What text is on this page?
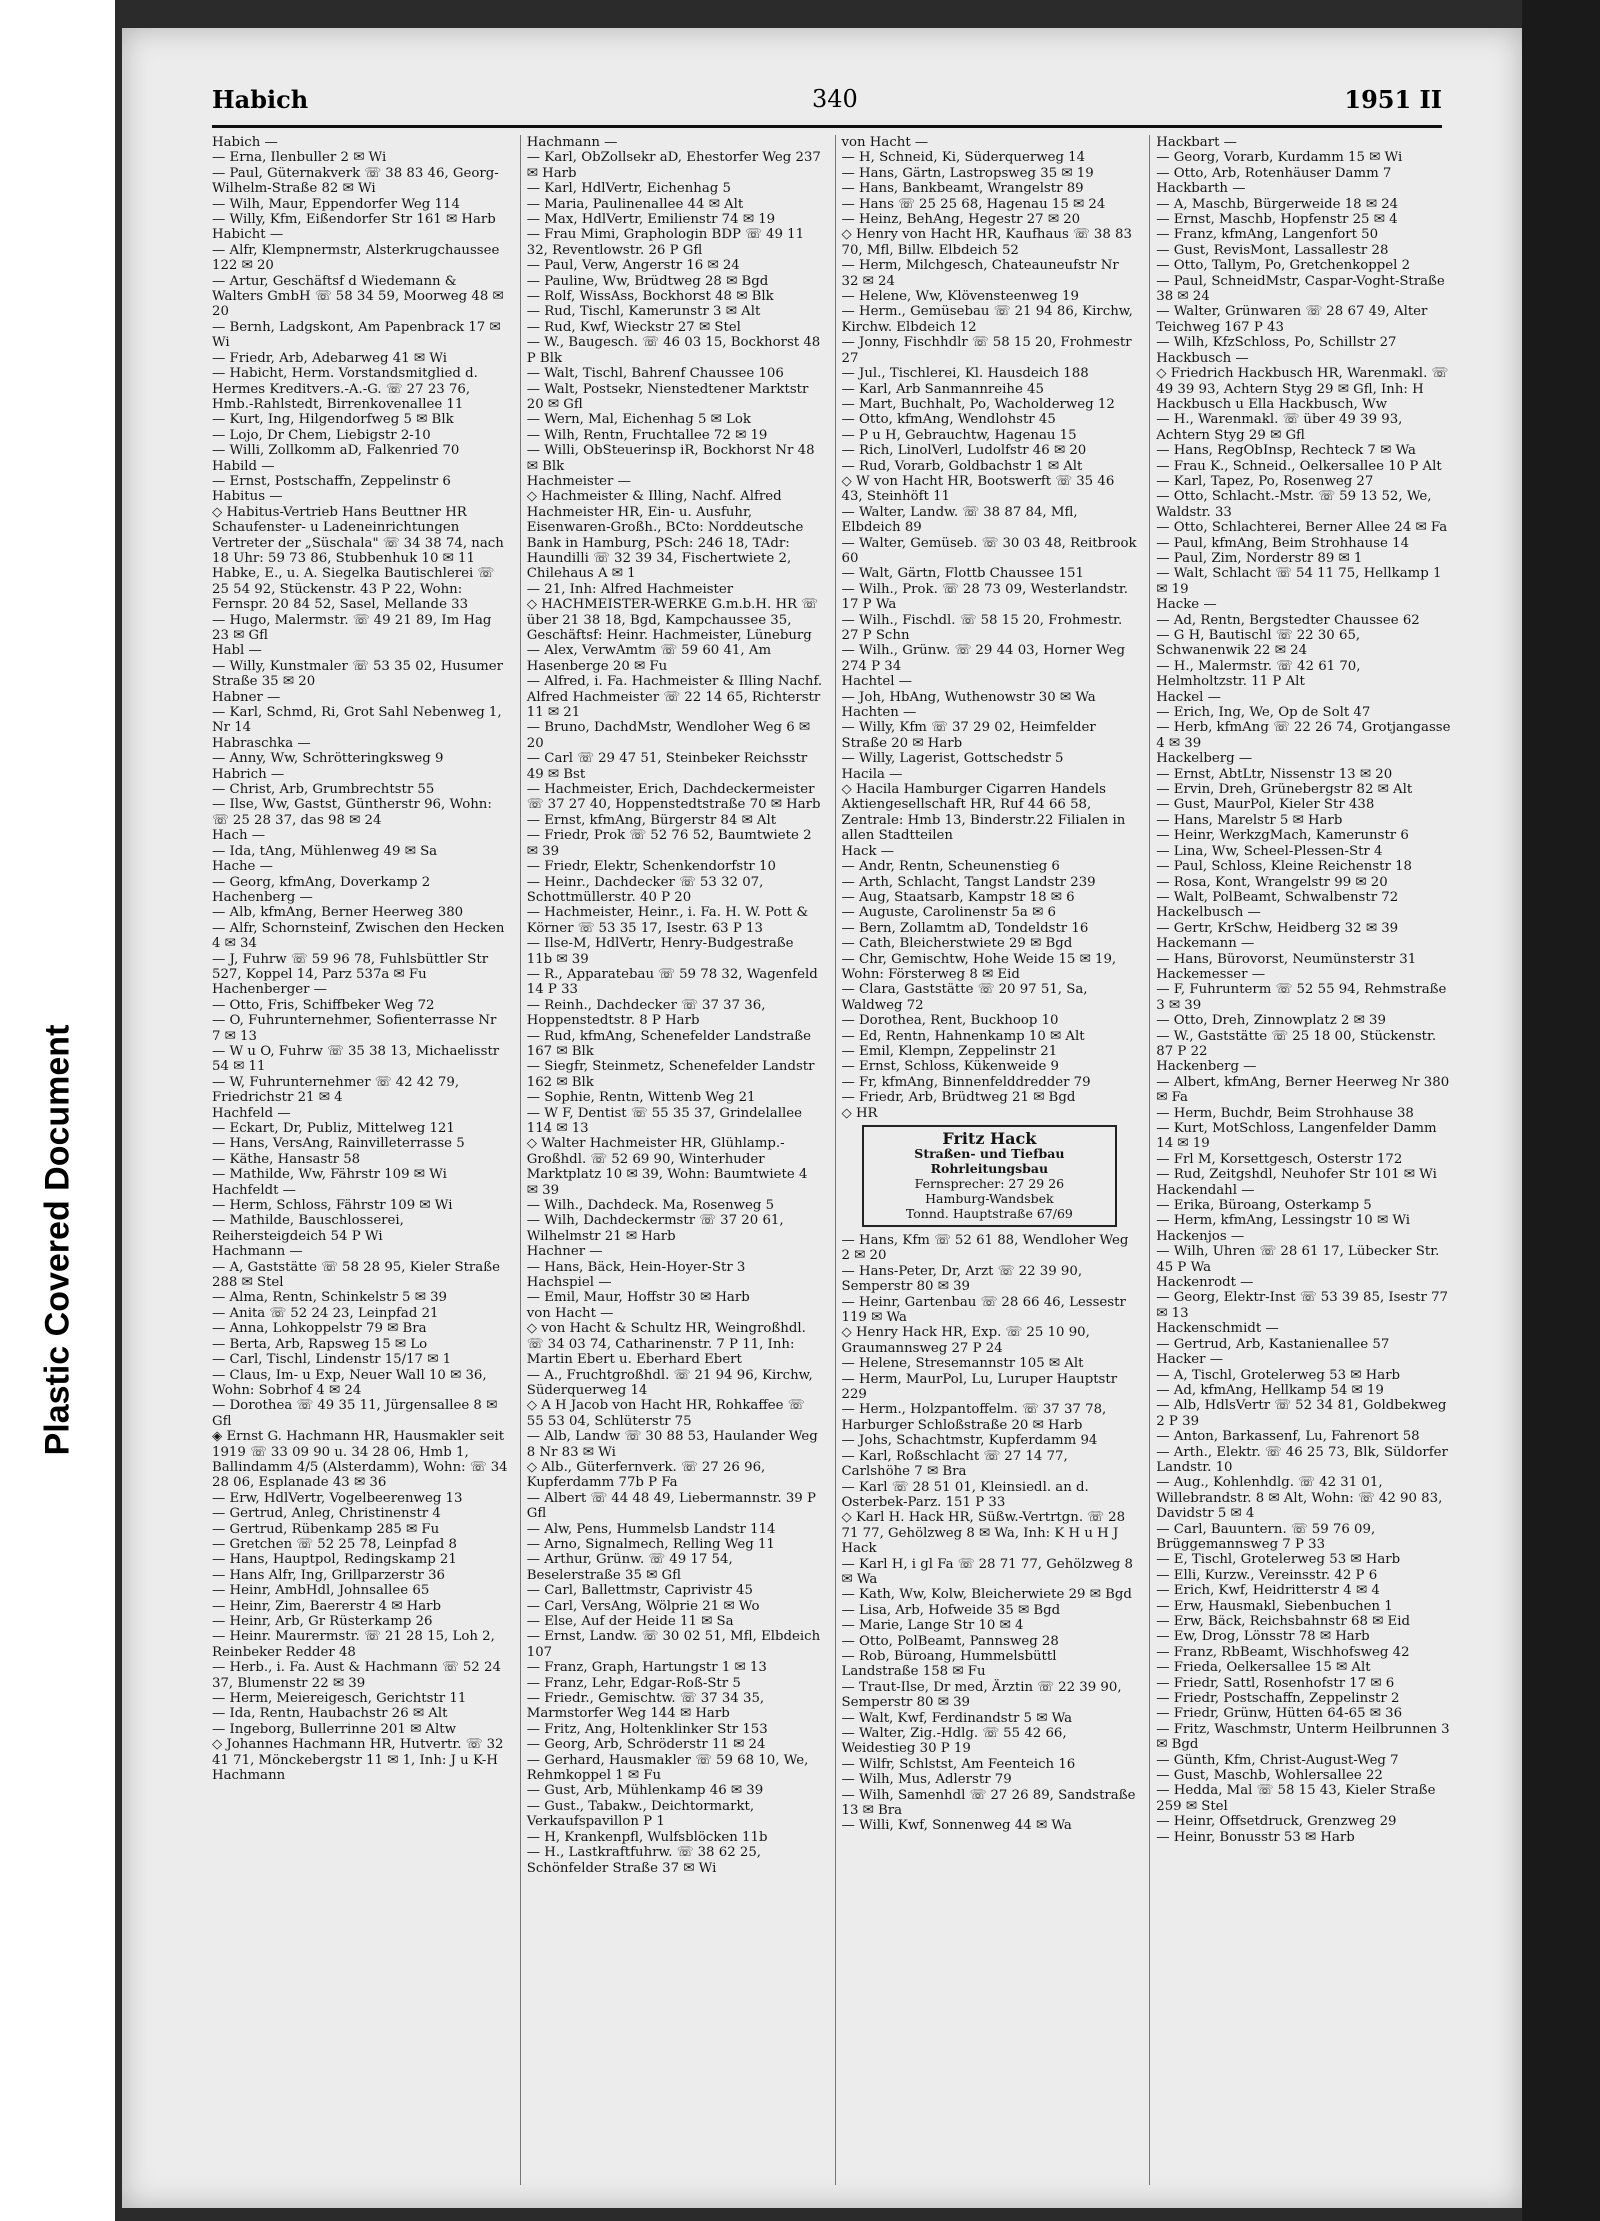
Plastic Covered Document
Habich	340	1951 II

Habich —

— Erna, Ilenbuller 2 ✉ Wi

— Paul, Güternakverk ☏ 38 83 46, Georg-Wilhelm-Straße 82 ✉ Wi

— Wilh, Maur, Eppendorfer Weg 114

— Willy, Kfm, Eißendorfer Str 161 ✉ Harb

Habicht —

— Alfr, Klempnermstr, Alsterkrugchaussee 122 ✉ 20

— Artur, Geschäftsf d Wiedemann & Walters GmbH ☏ 58 34 59, Moorweg 48 ✉ 20

— Bernh, Ladgskont, Am Papenbrack 17 ✉ Wi

— Friedr, Arb, Adebarweg 41 ✉ Wi

— Habicht, Herm. Vorstandsmitglied d. Hermes Kreditvers.-A.-G. ☏ 27 23 76, Hmb.-Rahlstedt, Birrenkovenallee 11

— Kurt, Ing, Hilgendorfweg 5 ✉ Blk

— Lojo, Dr Chem, Liebigstr 2-10

— Willi, Zollkomm aD, Falkenried 70

Habild —

— Ernst, Postschaffn, Zeppelinstr 6

Habitus —

◇ Habitus-Vertrieb Hans Beuttner HR Schaufenster- u Ladeneinrichtungen Vertreter der „Süschala" ☏ 34 38 74, nach 18 Uhr: 59 73 86, Stubbenhuk 10 ✉ 11

Habke, E., u. A. Siegelka Bautischlerei ☏ 25 54 92, Stückenstr. 43 P 22, Wohn: Fernspr. 20 84 52, Sasel, Mellande 33

— Hugo, Malermstr. ☏ 49 21 89, Im Hag 23 ✉ Gfl

Habl —

— Willy, Kunstmaler ☏ 53 35 02, Husumer Straße 35 ✉ 20

Habner —

— Karl, Schmd, Ri, Grot Sahl Nebenweg 1, Nr 14

Habraschka —

— Anny, Ww, Schrötteringksweg 9

Habrich —

— Christ, Arb, Grumbrechtstr 55

— Ilse, Ww, Gastst, Güntherstr 96, Wohn: ☏ 25 28 37, das 98 ✉ 24

Hach —

— Ida, tAng, Mühlenweg 49 ✉ Sa

Hache —

— Georg, kfmAng, Doverkamp 2

Hachenberg —

— Alb, kfmAng, Berner Heerweg 380

— Alfr, Schornsteinf, Zwischen den Hecken 4 ✉ 34

— J, Fuhrw ☏ 59 96 78, Fuhlsbüttler Str 527, Koppel 14, Parz 537a ✉ Fu

Hachenberger —

— Otto, Fris, Schiffbeker Weg 72

— O, Fuhrunternehmer, Sofienterrasse Nr 7 ✉ 13

— W u O, Fuhrw ☏ 35 38 13, Michaelisstr 54 ✉ 11

— W, Fuhrunternehmer ☏ 42 42 79, Friedrichstr 21 ✉ 4

Hachfeld —

— Eckart, Dr, Publiz, Mittelweg 121

— Hans, VersAng, Rainvilleterrasse 5

— Käthe, Hansastr 58

— Mathilde, Ww, Fährstr 109 ✉ Wi

Hachfeldt —

— Herm, Schloss, Fährstr 109 ✉ Wi

— Mathilde, Bauschlosserei, Reihersteigdeich 54 P Wi

Hachmann —

— A, Gaststätte ☏ 58 28 95, Kieler Straße 288 ✉ Stel

— Alma, Rentn, Schinkelstr 5 ✉ 39

— Anita ☏ 52 24 23, Leinpfad 21

— Anna, Lohkoppelstr 79 ✉ Bra

— Berta, Arb, Rapsweg 15 ✉ Lo

— Carl, Tischl, Lindenstr 15/17 ✉ 1

— Claus, Im- u Exp, Neuer Wall 10 ✉ 36, Wohn: Sobrhof 4 ✉ 24

— Dorothea ☏ 49 35 11, Jürgensallee 8 ✉ Gfl

◈ Ernst G. Hachmann HR, Hausmakler seit 1919 ☏ 33 09 90 u. 34 28 06, Hmb 1, Ballindamm 4/5 (Alsterdamm), Wohn: ☏ 34 28 06, Esplanade 43 ✉ 36

— Erw, HdlVertr, Vogelbeerenweg 13

— Gertrud, Anleg, Christinenstr 4

— Gertrud, Rübenkamp 285 ✉ Fu

— Gretchen ☏ 52 25 78, Leinpfad 8

— Hans, Hauptpol, Redingskamp 21

— Hans Alfr, Ing, Grillparzerstr 36

— Heinr, AmbHdl, Johnsallee 65

— Heinr, Zim, Baererstr 4 ✉ Harb

— Heinr, Arb, Gr Rüsterkamp 26

— Heinr. Maurermstr. ☏ 21 28 15, Loh 2, Reinbeker Redder 48

— Herb., i. Fa. Aust & Hachmann ☏ 52 24 37, Blumenstr 22 ✉ 39

— Herm, Meiereigesch, Gerichtstr 11

— Ida, Rentn, Haubachstr 26 ✉ Alt

— Ingeborg, Bullerrinne 201 ✉ Altw

◇ Johannes Hachmann HR, Hutvertr. ☏ 32 41 71, Mönckebergstr 11 ✉ 1, Inh: J u K-H Hachmann

Hachmann —

— Karl, ObZollsekr aD, Ehestorfer Weg 237 ✉ Harb

— Karl, HdlVertr, Eichenhag 5

— Maria, Paulinenallee 44 ✉ Alt

— Max, HdlVertr, Emilienstr 74 ✉ 19

— Frau Mimi, Graphologin BDP ☏ 49 11 32, Reventlowstr. 26 P Gfl

— Paul, Verw, Angerstr 16 ✉ 24

— Pauline, Ww, Brüdtweg 28 ✉ Bgd

— Rolf, WissAss, Bockhorst 48 ✉ Blk

— Rud, Tischl, Kamerunstr 3 ✉ Alt

— Rud, Kwf, Wieckstr 27 ✉ Stel

— W., Baugesch. ☏ 46 03 15, Bockhorst 48 P Blk

— Walt, Tischl, Bahrenf Chaussee 106

— Walt, Postsekr, Nienstedtener Marktstr 20 ✉ Gfl

— Wern, Mal, Eichenhag 5 ✉ Lok

— Wilh, Rentn, Fruchtallee 72 ✉ 19

— Willi, ObSteuerinsp iR, Bockhorst Nr 48 ✉ Blk

Hachmeister —

◇ Hachmeister & Illing, Nachf. Alfred Hachmeister HR, Ein- u. Ausfuhr, Eisenwaren-Großh., BCto: Norddeutsche Bank in Hamburg, PSch: 246 18, TAdr: Haundilli ☏ 32 39 34, Fischertwiete 2, Chilehaus A ✉ 1

— 21, Inh: Alfred Hachmeister

◇ HACHMEISTER-WERKE G.m.b.H. HR ☏ über 21 38 18, Bgd, Kampchaussee 35, Geschäftsf: Heinr. Hachmeister, Lüneburg

— Alex, VerwAmtm ☏ 59 60 41, Am Hasenberge 20 ✉ Fu

— Alfred, i. Fa. Hachmeister & Illing Nachf. Alfred Hachmeister ☏ 22 14 65, Richterstr 11 ✉ 21

— Bruno, DachdMstr, Wendloher Weg 6 ✉ 20

— Carl ☏ 29 47 51, Steinbeker Reichsstr 49 ✉ Bst

— Hachmeister, Erich, Dachdeckermeister ☏ 37 27 40, Hoppenstedtstraße 70 ✉ Harb

— Ernst, kfmAng, Bürgerstr 84 ✉ Alt

— Friedr, Prok ☏ 52 76 52, Baumtwiete 2 ✉ 39

— Friedr, Elektr, Schenkendorfstr 10

— Heinr., Dachdecker ☏ 53 32 07, Schottmüllerstr. 40 P 20

— Hachmeister, Heinr., i. Fa. H. W. Pott & Körner ☏ 53 35 17, Isestr. 63 P 13

— Ilse-M, HdlVertr, Henry-Budgestraße 11b ✉ 39

— R., Apparatebau ☏ 59 78 32, Wagenfeld 14 P 33

— Reinh., Dachdecker ☏ 37 37 36, Hoppenstedtstr. 8 P Harb

— Rud, kfmAng, Schenefelder Landstraße 167 ✉ Blk

— Siegfr, Steinmetz, Schenefelder Landstr 162 ✉ Blk

— Sophie, Rentn, Wittenb Weg 21

— W F, Dentist ☏ 55 35 37, Grindelallee 114 ✉ 13

◇ Walter Hachmeister HR, Glühlamp.-Großhdl. ☏ 52 69 90, Winterhuder Marktplatz 10 ✉ 39, Wohn: Baumtwiete 4 ✉ 39

— Wilh., Dachdeck. Ma, Rosenweg 5

— Wilh, Dachdeckermstr ☏ 37 20 61, Wilhelmstr 21 ✉ Harb

Hachner —

— Hans, Bäck, Hein-Hoyer-Str 3

Hachspiel —

— Emil, Maur, Hoffstr 30 ✉ Harb

von Hacht —

◇ von Hacht & Schultz HR, Weingroßhdl. ☏ 34 03 74, Catharinenstr. 7 P 11, Inh: Martin Ebert u. Eberhard Ebert

— A., Fruchtgroßhdl. ☏ 21 94 96, Kirchw, Süderquerweg 14

◇ A H Jacob von Hacht HR, Rohkaffee ☏ 55 53 04, Schlüterstr 75

— Alb, Landw ☏ 30 88 53, Haulander Weg 8 Nr 83 ✉ Wi

◇ Alb., Güterfernverk. ☏ 27 26 96, Kupferdamm 77b P Fa

— Albert ☏ 44 48 49, Liebermannstr. 39 P Gfl

— Alw, Pens, Hummelsb Landstr 114

— Arno, Signalmech, Relling Weg 11

— Arthur, Grünw. ☏ 49 17 54, Beselerstraße 35 ✉ Gfl

— Carl, Ballettmstr, Caprivistr 45

— Carl, VersAng, Wölprie 21 ✉ Wo

— Else, Auf der Heide 11 ✉ Sa

— Ernst, Landw. ☏ 30 02 51, Mfl, Elbdeich 107

— Franz, Graph, Hartungstr 1 ✉ 13

— Franz, Lehr, Edgar-Roß-Str 5

— Friedr., Gemischtw. ☏ 37 34 35, Marmstorfer Weg 144 ✉ Harb

— Fritz, Ang, Holtenklinker Str 153

— Georg, Arb, Schröderstr 11 ✉ 24

— Gerhard, Hausmakler ☏ 59 68 10, We, Rehmkoppel 1 ✉ Fu

— Gust, Arb, Mühlenkamp 46 ✉ 39

— Gust., Tabakw., Deichtormarkt, Verkaufspavillon P 1

— H, Krankenpfl, Wulfsblöcken 11b

— H., Lastkraftfuhrw. ☏ 38 62 25, Schönfelder Straße 37 ✉ Wi

von Hacht —

— H, Schneid, Ki, Süderquerweg 14

— Hans, Gärtn, Lastropsweg 35 ✉ 19

— Hans, Bankbeamt, Wrangelstr 89

— Hans ☏ 25 25 68, Hagenau 15 ✉ 24

— Heinz, BehAng, Hegestr 27 ✉ 20

◇ Henry von Hacht HR, Kaufhaus ☏ 38 83 70, Mfl, Billw. Elbdeich 52

— Herm, Milchgesch, Chateauneufstr Nr 32 ✉ 24

— Helene, Ww, Klövensteenweg 19

— Herm., Gemüsebau ☏ 21 94 86, Kirchw, Kirchw. Elbdeich 12

— Jonny, Fischhdlr ☏ 58 15 20, Frohmestr 27

— Jul., Tischlerei, Kl. Hausdeich 188

— Karl, Arb Sanmannreihe 45

— Mart, Buchhalt, Po, Wacholderweg 12

— Otto, kfmAng, Wendlohstr 45

— P u H, Gebrauchtw, Hagenau 15

— Rich, LinolVerl, Ludolfstr 46 ✉ 20

— Rud, Vorarb, Goldbachstr 1 ✉ Alt

◇ W von Hacht HR, Bootswerft ☏ 35 46 43, Steinhöft 11

— Walter, Landw. ☏ 38 87 84, Mfl, Elbdeich 89

— Walter, Gemüseb. ☏ 30 03 48, Reitbrook 60

— Walt, Gärtn, Flottb Chaussee 151

— Wilh., Prok. ☏ 28 73 09, Westerlandstr. 17 P Wa

— Wilh., Fischdl. ☏ 58 15 20, Frohmestr. 27 P Schn

— Wilh., Grünw. ☏ 29 44 03, Horner Weg 274 P 34

Hachtel —

— Joh, HbAng, Wuthenowstr 30 ✉ Wa

Hachten —

— Willy, Kfm ☏ 37 29 02, Heimfelder Straße 20 ✉ Harb

— Willy, Lagerist, Gottschedstr 5

Hacila —

◇ Hacila Hamburger Cigarren Handels Aktiengesellschaft HR, Ruf 44 66 58, Zentrale: Hmb 13, Binderstr.22 Filialen in allen Stadtteilen

Hack —

— Andr, Rentn, Scheunenstieg 6

— Arth, Schlacht, Tangst Landstr 239

— Aug, Staatsarb, Kampstr 18 ✉ 6

— Auguste, Carolinenstr 5a ✉ 6

— Bern, Zollamtm aD, Tondeldstr 16

— Cath, Bleicherstwiete 29 ✉ Bgd

— Chr, Gemischtw, Hohe Weide 15 ✉ 19, Wohn: Försterweg 8 ✉ Eid

— Clara, Gaststätte ☏ 20 97 51, Sa, Waldweg 72

— Dorothea, Rent, Buckhoop 10

— Ed, Rentn, Hahnenkamp 10 ✉ Alt

— Emil, Klempn, Zeppelinstr 21

— Ernst, Schloss, Kükenweide 9

— Fr, kfmAng, Binnenfelddredder 79

— Friedr, Arb, Brüdtweg 21 ✉ Bgd

◇ HR

Fritz Hack
Straßen- und Tiefbau
Rohrleitungsbau
Fernsprecher: 27 29 26
Hamburg-Wandsbek
Tonnd. Hauptstraße 67/69

— Hans, Kfm ☏ 52 61 88, Wendloher Weg 2 ✉ 20

— Hans-Peter, Dr, Arzt ☏ 22 39 90, Semperstr 80 ✉ 39

— Heinr, Gartenbau ☏ 28 66 46, Lessestr 119 ✉ Wa

◇ Henry Hack HR, Exp. ☏ 25 10 90, Graumannsweg 27 P 24

— Helene, Stresemannstr 105 ✉ Alt

— Herm, MaurPol, Lu, Luruper Hauptstr 229

— Herm., Holzpantoffelm. ☏ 37 37 78, Harburger Schloßstraße 20 ✉ Harb

— Johs, Schachtmstr, Kupferdamm 94

— Karl, Roßschlacht ☏ 27 14 77, Carlshöhe 7 ✉ Bra

— Karl ☏ 28 51 01, Kleinsiedl. an d. Osterbek-Parz. 151 P 33

◇ Karl H. Hack HR, Süßw.-Vertrtgn. ☏ 28 71 77, Gehölzweg 8 ✉ Wa, Inh: K H u H J Hack

— Karl H, i gl Fa ☏ 28 71 77, Gehölzweg 8 ✉ Wa

— Kath, Ww, Kolw, Bleicherwiete 29 ✉ Bgd

— Lisa, Arb, Hofweide 35 ✉ Bgd

— Marie, Lange Str 10 ✉ 4

— Otto, PolBeamt, Pannsweg 28

— Rob, Büroang, Hummelsbüttl Landstraße 158 ✉ Fu

— Traut-Ilse, Dr med, Ärztin ☏ 22 39 90, Semperstr 80 ✉ 39

— Walt, Kwf, Ferdinandstr 5 ✉ Wa

— Walter, Zig.-Hdlg. ☏ 55 42 66, Weidestieg 30 P 19

— Wilfr, Schlstst, Am Feenteich 16

— Wilh, Mus, Adlerstr 79

— Wilh, Samenhdl ☏ 27 26 89, Sandstraße 13 ✉ Bra

— Willi, Kwf, Sonnenweg 44 ✉ Wa

Hackbart —

— Georg, Vorarb, Kurdamm 15 ✉ Wi

— Otto, Arb, Rotenhäuser Damm 7

Hackbarth —

— A, Maschb, Bürgerweide 18 ✉ 24

— Ernst, Maschb, Hopfenstr 25 ✉ 4

— Franz, kfmAng, Langenfort 50

— Gust, RevisMont, Lassallestr 28

— Otto, Tallym, Po, Gretchenkoppel 2

— Paul, SchneidMstr, Caspar-Voght-Straße 38 ✉ 24

— Walter, Grünwaren ☏ 28 67 49, Alter Teichweg 167 P 43

— Wilh, KfzSchloss, Po, Schillstr 27

Hackbusch —

◇ Friedrich Hackbusch HR, Warenmakl. ☏ 49 39 93, Achtern Styg 29 ✉ Gfl, Inh: H Hackbusch u Ella Hackbusch, Ww

— H., Warenmakl. ☏ über 49 39 93, Achtern Styg 29 ✉ Gfl

— Hans, RegObInsp, Rechteck 7 ✉ Wa

— Frau K., Schneid., Oelkersallee 10 P Alt

— Karl, Tapez, Po, Rosenweg 27

— Otto, Schlacht.-Mstr. ☏ 59 13 52, We, Waldstr. 33

— Otto, Schlachterei, Berner Allee 24 ✉ Fa

— Paul, kfmAng, Beim Strohhause 14

— Paul, Zim, Norderstr 89 ✉ 1

— Walt, Schlacht ☏ 54 11 75, Hellkamp 1 ✉ 19

Hacke —

— Ad, Rentn, Bergstedter Chaussee 62

— G H, Bautischl ☏ 22 30 65, Schwanenwik 22 ✉ 24

— H., Malermstr. ☏ 42 61 70, Helmholtzstr. 11 P Alt

Hackel —

— Erich, Ing, We, Op de Solt 47

— Herb, kfmAng ☏ 22 26 74, Grotjangasse 4 ✉ 39

Hackelberg —

— Ernst, AbtLtr, Nissenstr 13 ✉ 20

— Ervin, Dreh, Grünebergstr 82 ✉ Alt

— Gust, MaurPol, Kieler Str 438

— Hans, Marelstr 5 ✉ Harb

— Heinr, WerkzgMach, Kamerunstr 6

— Lina, Ww, Scheel-Plessen-Str 4

— Paul, Schloss, Kleine Reichenstr 18

— Rosa, Kont, Wrangelstr 99 ✉ 20

— Walt, PolBeamt, Schwalbenstr 72

Hackelbusch —

— Gertr, KrSchw, Heidberg 32 ✉ 39

Hackemann —

— Hans, Bürovorst, Neumünsterstr 31

Hackemesser —

— F, Fuhrunterm ☏ 52 55 94, Rehmstraße 3 ✉ 39

— Otto, Dreh, Zinnowplatz 2 ✉ 39

— W., Gaststätte ☏ 25 18 00, Stückenstr. 87 P 22

Hackenberg —

— Albert, kfmAng, Berner Heerweg Nr 380 ✉ Fa

— Herm, Buchdr, Beim Strohhause 38

— Kurt, MotSchloss, Langenfelder Damm 14 ✉ 19

— Frl M, Korsettgesch, Osterstr 172

— Rud, Zeitgshdl, Neuhofer Str 101 ✉ Wi

Hackendahl —

— Erika, Büroang, Osterkamp 5

— Herm, kfmAng, Lessingstr 10 ✉ Wi

Hackenjos —

— Wilh, Uhren ☏ 28 61 17, Lübecker Str. 45 P Wa

Hackenrodt —

— Georg, Elektr-Inst ☏ 53 39 85, Isestr 77 ✉ 13

Hackenschmidt —

— Gertrud, Arb, Kastanienallee 57

Hacker —

— A, Tischl, Grotelerweg 53 ✉ Harb

— Ad, kfmAng, Hellkamp 54 ✉ 19

— Alb, HdlsVertr ☏ 52 34 81, Goldbekweg 2 P 39

— Anton, Barkassenf, Lu, Fahrenort 58

— Arth., Elektr. ☏ 46 25 73, Blk, Süldorfer Landstr. 10

— Aug., Kohlenhdlg. ☏ 42 31 01, Willebrandstr. 8 ✉ Alt, Wohn: ☏ 42 90 83, Davidstr 5 ✉ 4

— Carl, Bauuntern. ☏ 59 76 09, Brüggemannsweg 7 P 33

— E, Tischl, Grotelerweg 53 ✉ Harb

— Elli, Kurzw., Vereinsstr. 42 P 6

— Erich, Kwf, Heidritterstr 4 ✉ 4

— Erw, Hausmakl, Siebenbuchen 1

— Erw, Bäck, Reichsbahnstr 68 ✉ Eid

— Ew, Drog, Lönsstr 78 ✉ Harb

— Franz, RbBeamt, Wischhofsweg 42

— Frieda, Oelkersallee 15 ✉ Alt

— Friedr, Sattl, Rosenhofstr 17 ✉ 6

— Friedr, Postschaffn, Zeppelinstr 2

— Friedr, Grünw, Hütten 64-65 ✉ 36

— Fritz, Waschmstr, Unterm Heilbrunnen 3 ✉ Bgd

— Günth, Kfm, Christ-August-Weg 7

— Gust, Maschb, Wohlersallee 22

— Hedda, Mal ☏ 58 15 43, Kieler Straße 259 ✉ Stel

— Heinr, Offsetdruck, Grenzweg 29

— Heinr, Bonusstr 53 ✉ Harb
